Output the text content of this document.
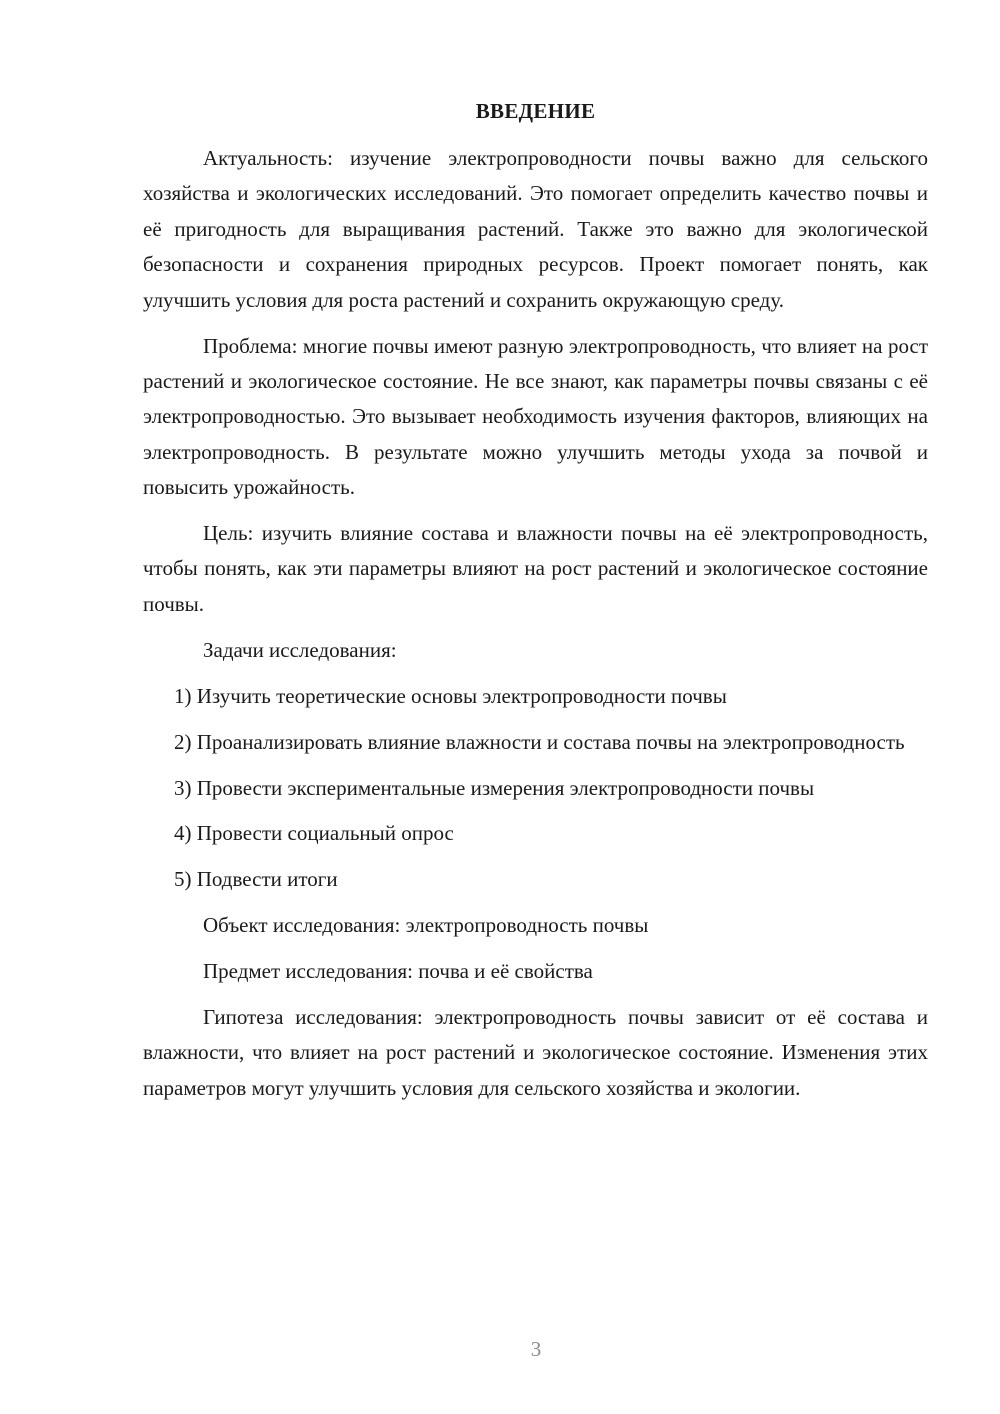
ВВЕДЕНИЕ

Актуальность: изучение электропроводности почвы важно для сельского хозяйства и экологических исследований. Это помогает определить качество почвы и её пригодность для выращивания растений. Также это важно для экологической безопасности и сохранения природных ресурсов. Проект помогает понять, как улучшить условия для роста растений и сохранить окружающую среду.

Проблема: многие почвы имеют разную электропроводность, что влияет на рост растений и экологическое состояние. Не все знают, как параметры почвы связаны с её электропроводностью. Это вызывает необходимость изучения факторов, влияющих на электропроводность. В результате можно улучшить методы ухода за почвой и повысить урожайность.

Цель: изучить влияние состава и влажности почвы на её электропроводность, чтобы понять, как эти параметры влияют на рост растений и экологическое состояние почвы.

Задачи исследования:

1) Изучить теоретические основы электропроводности почвы

2) Проанализировать влияние влажности и состава почвы на электропроводность

3) Провести экспериментальные измерения электропроводности почвы

4) Провести социальный опрос

5) Подвести итоги

Объект исследования: электропроводность почвы

Предмет исследования: почва и её свойства

Гипотеза исследования: электропроводность почвы зависит от её состава и влажности, что влияет на рост растений и экологическое состояние. Изменения этих параметров могут улучшить условия для сельского хозяйства и экологии.

3
